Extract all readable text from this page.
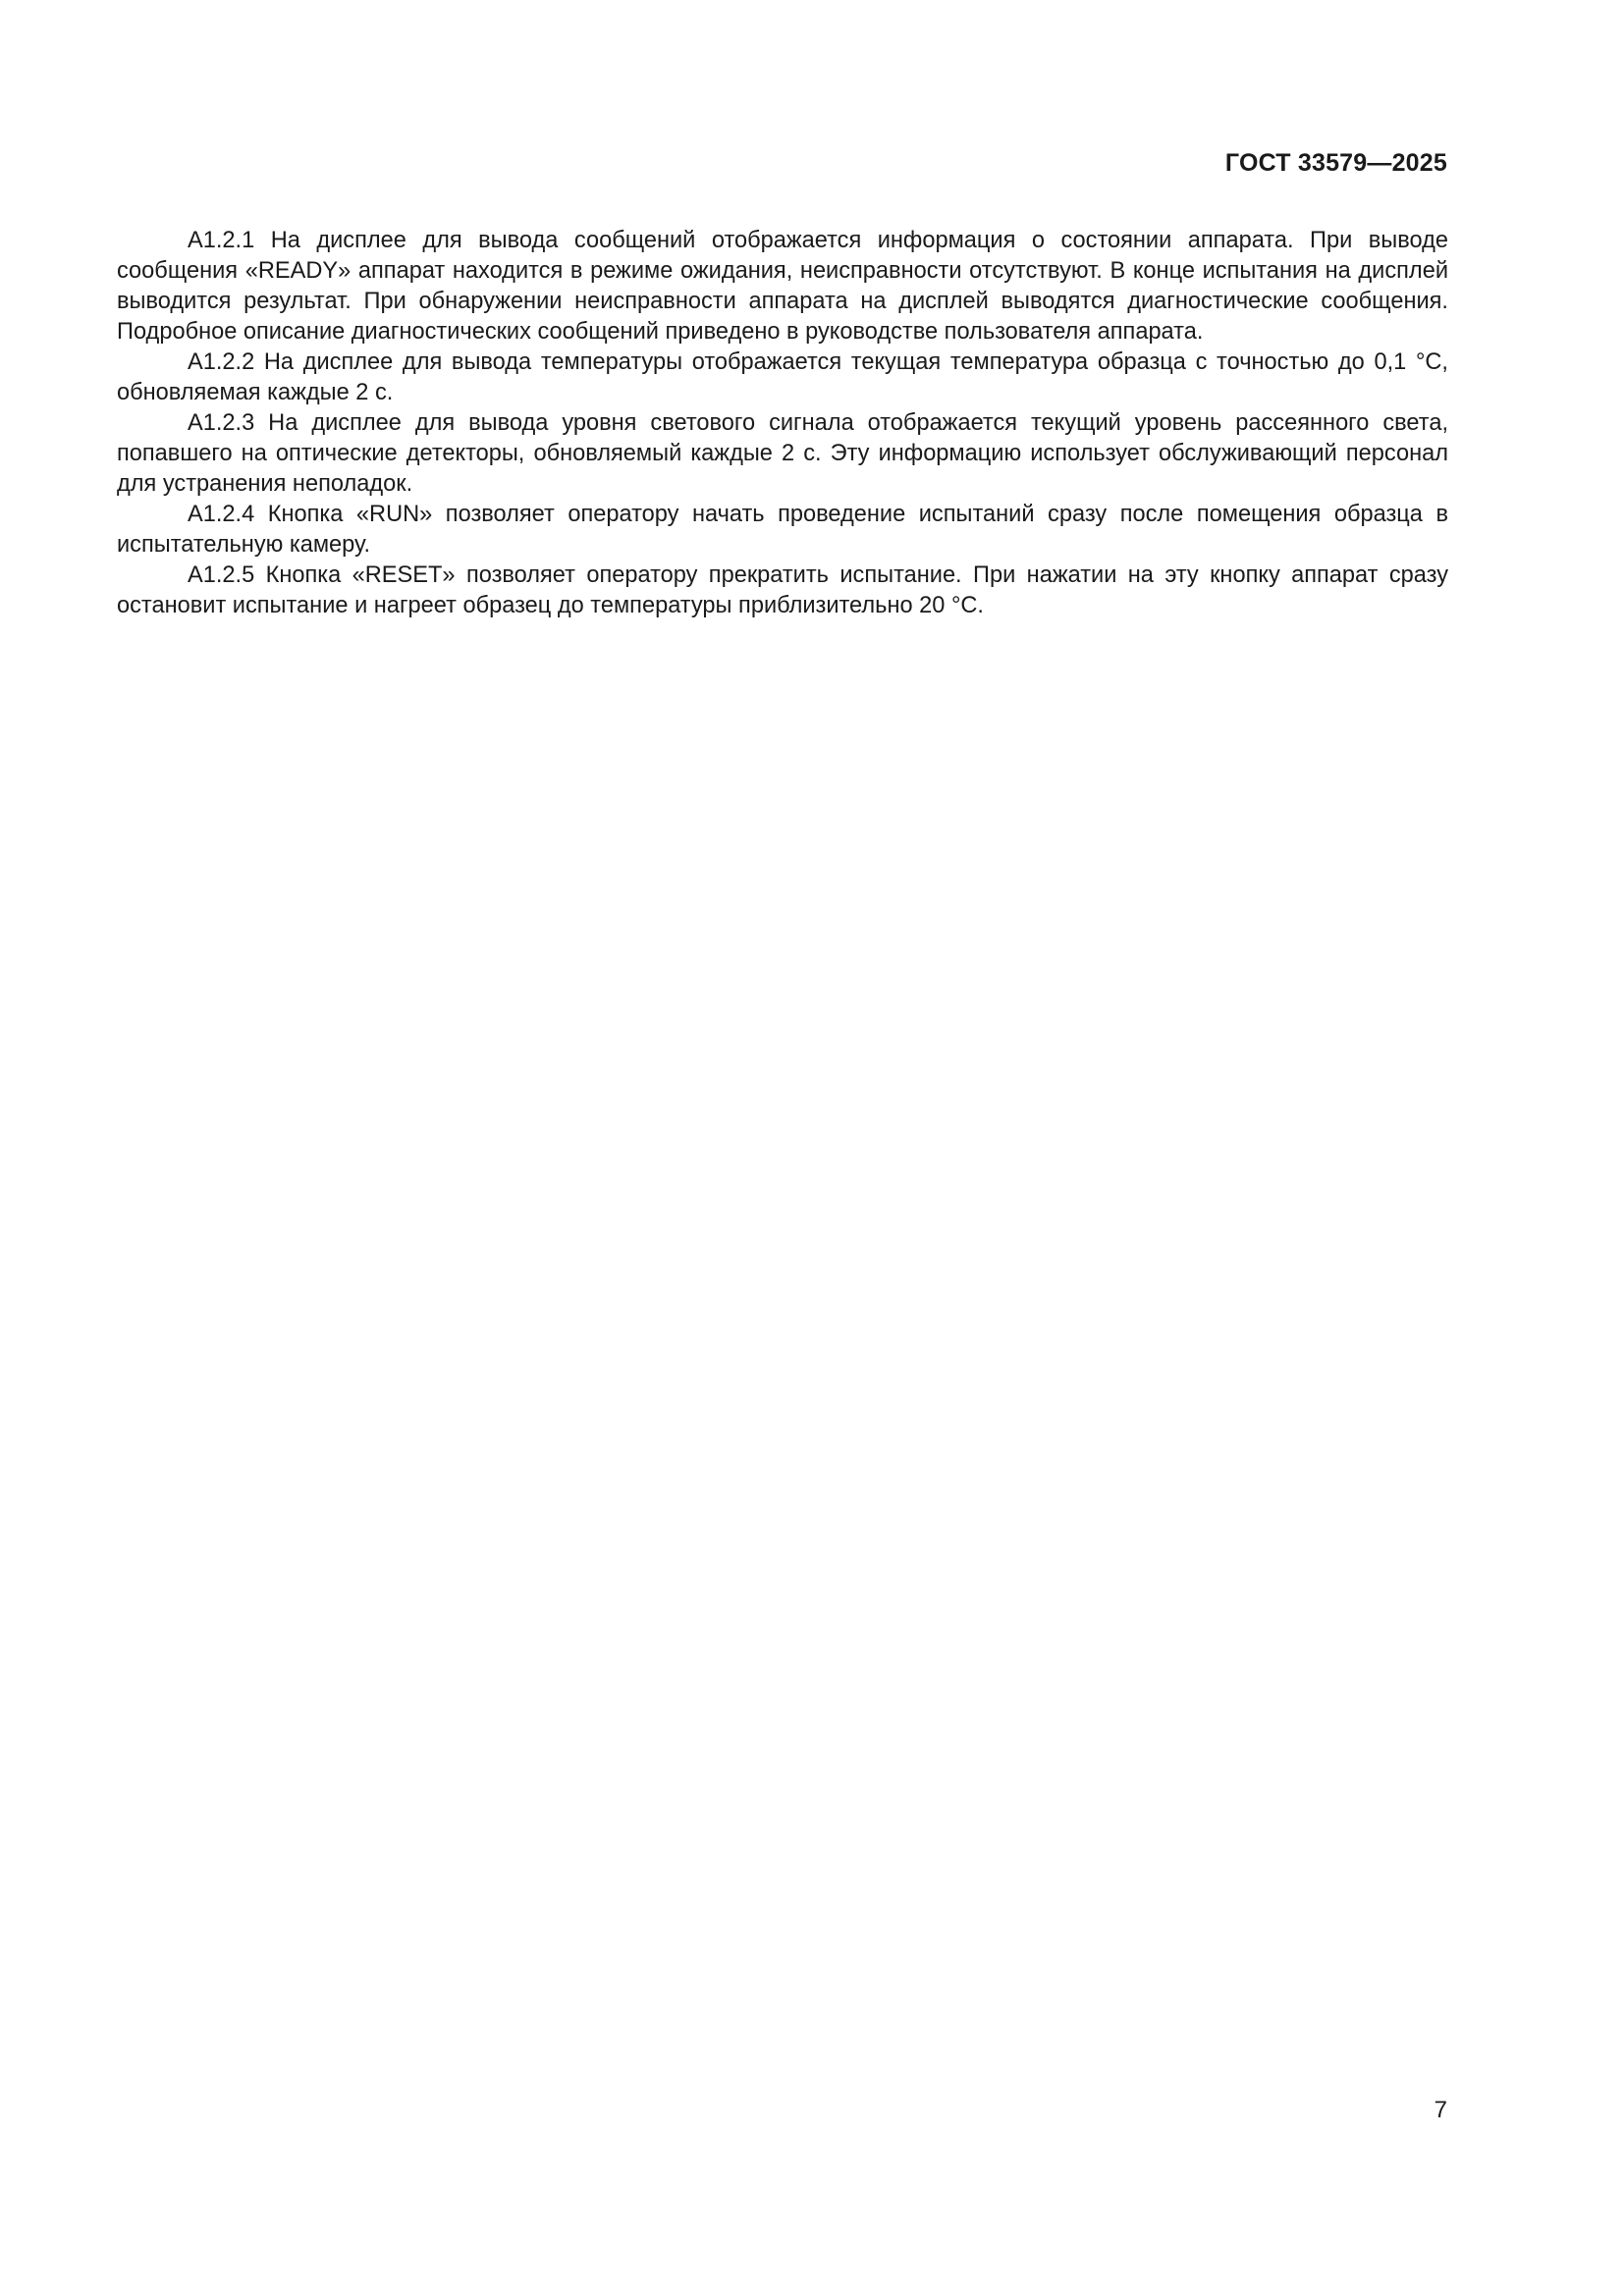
ГОСТ 33579—2025

A1.2.1 На дисплее для вывода сообщений отображается информация о состоянии аппарата. При выводе сообщения «READY» аппарат находится в режиме ожидания, неисправности отсутствуют. В конце испытания на дисплей выводится результат. При обнаружении неисправности аппарата на дисплей выводятся диагностические сообщения. Подробное описание диагностических сообщений приведено в руководстве пользователя аппарата.

A1.2.2 На дисплее для вывода температуры отображается текущая температура образца с точностью до 0,1 °С, обновляемая каждые 2 с.

A1.2.3 На дисплее для вывода уровня светового сигнала отображается текущий уровень рассеянного света, попавшего на оптические детекторы, обновляемый каждые 2 с. Эту информацию использует обслуживающий персонал для устранения неполадок.

A1.2.4 Кнопка «RUN» позволяет оператору начать проведение испытаний сразу после помещения образца в испытательную камеру.

A1.2.5 Кнопка «RESET» позволяет оператору прекратить испытание. При нажатии на эту кнопку аппарат сразу остановит испытание и нагреет образец до температуры приблизительно 20 °С.

7
